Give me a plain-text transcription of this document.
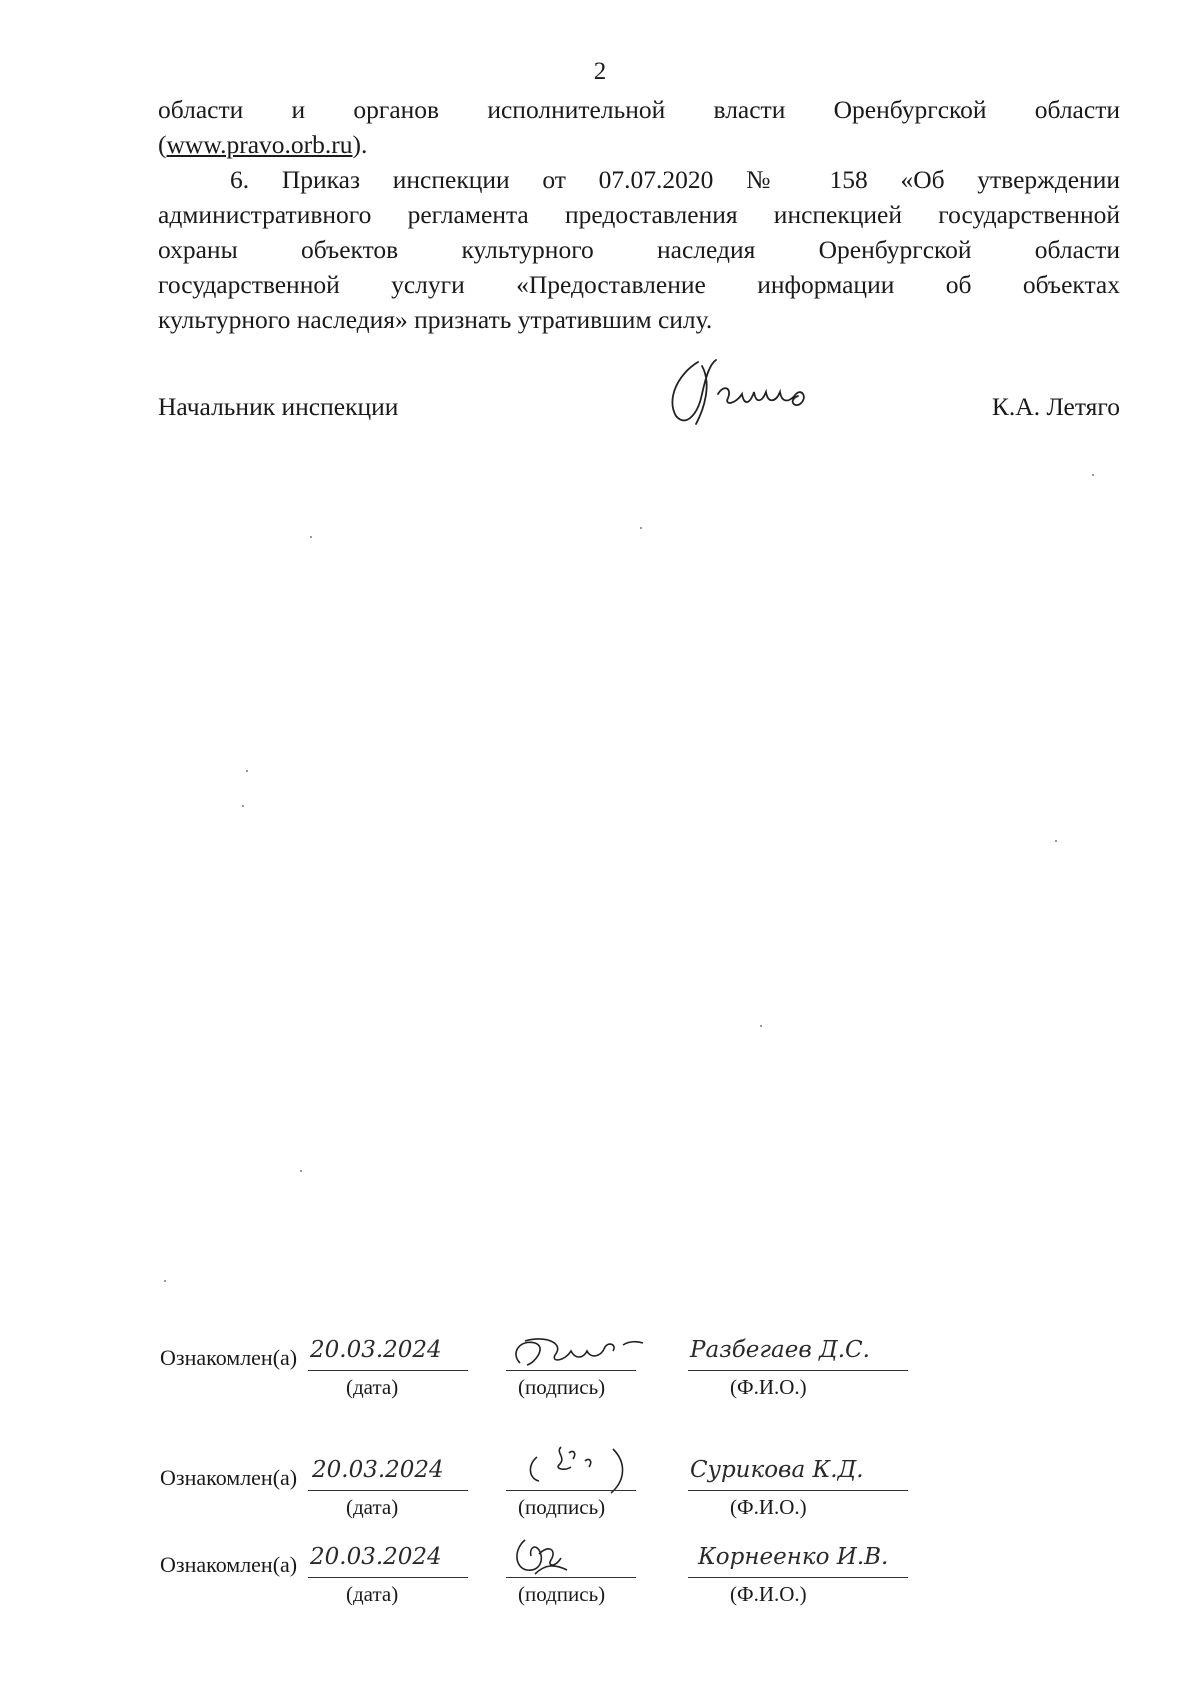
2
области и органов исполнительной власти Оренбургской области
(www.pravo.orb.ru).
6. Приказ инспекции от 07.07.2020 № 158 «Об утверждении
административного регламента предоставления инспекцией государственной
охраны объектов культурного наследия Оренбургской области
государственной услуги «Предоставление информации об объектах
культурного наследия» признать утратившим силу.
Начальник инспекции	К.А. Летяго
Ознакомлен(а) 20.03.2024	Разбегаев Д.С.
(дата)	(подпись)	(Ф.И.О.)
Ознакомлен(а) 20.03.2024	Сурикова К.Д.
(дата)	(подпись)	(Ф.И.О.)
Ознакомлен(а) 20.03.2024	Корнеенко И.В.
(дата)	(подпись)	(Ф.И.О.)
